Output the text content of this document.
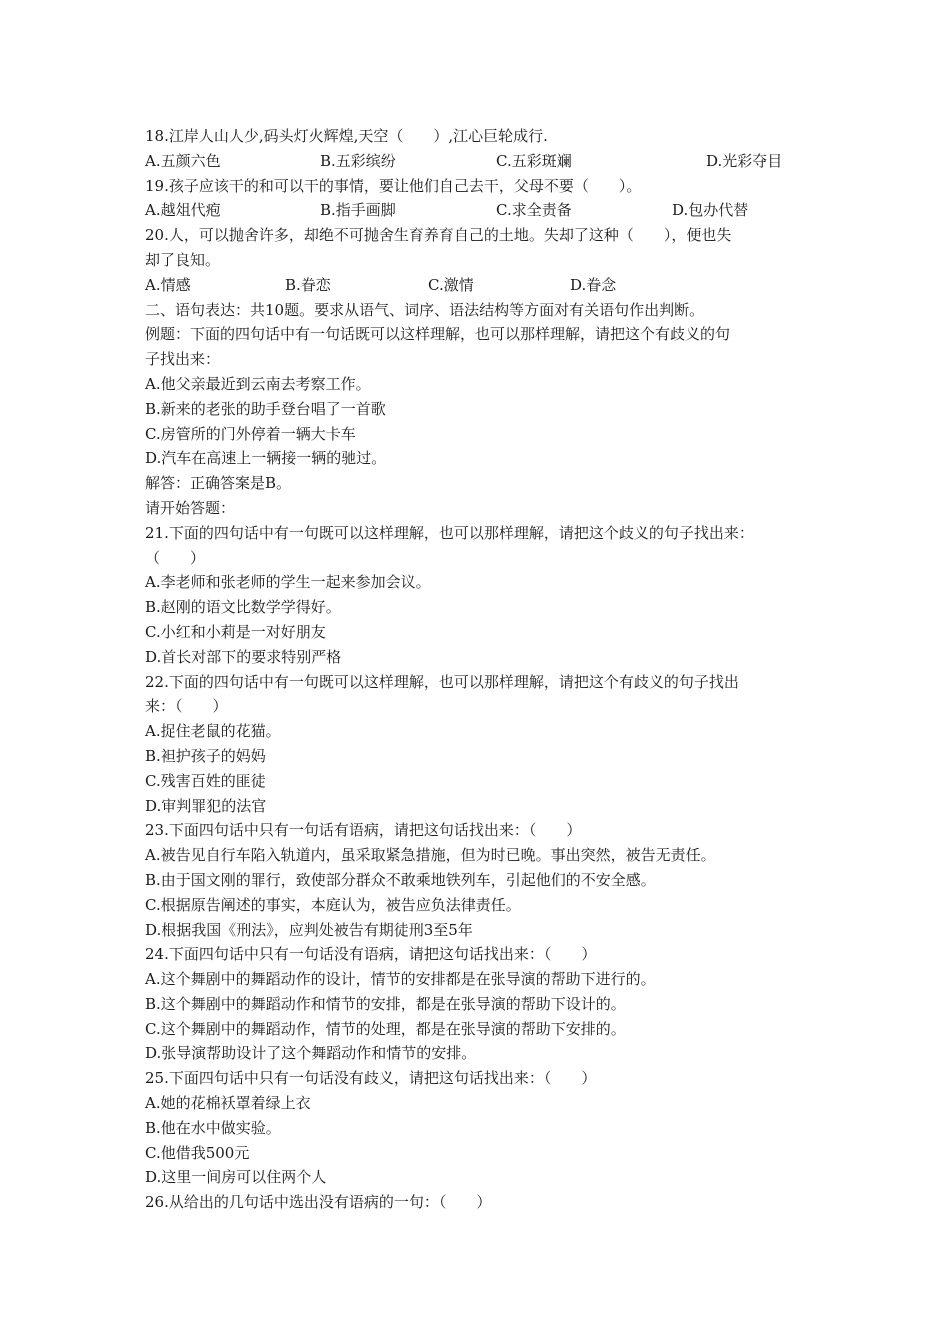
18.江岸人山人少,码头灯火辉煌,天空（　　）,江心巨轮成行.
A.五颜六色	B.五彩缤纷	C.五彩斑斓	D.光彩夺目
19.孩子应该干的和可以干的事情，要让他们自己去干，父母不要（　　）。
A.越俎代疱	B.指手画脚	C.求全责备	D.包办代替
20.人，可以抛舍许多，却绝不可抛舍生育养育自己的土地。失却了这种（　　），便也失
却了良知。
A.情感	B.眷恋	C.激情	D.眷念
二、语句表达：共10题。要求从语气、词序、语法结构等方面对有关语句作出判断。
例题：下面的四句话中有一句话既可以这样理解，也可以那样理解，请把这个有歧义的句
子找出来：
A.他父亲最近到云南去考察工作。
B.新来的老张的助手登台唱了一首歌
C.房管所的门外停着一辆大卡车
D.汽车在高速上一辆接一辆的驰过。
解答：正确答案是B。
请开始答题：
21.下面的四句话中有一句既可以这样理解，也可以那样理解，请把这个歧义的句子找出来：
（　　）
A.李老师和张老师的学生一起来参加会议。
B.赵刚的语文比数学学得好。
C.小红和小莉是一对好朋友
D.首长对部下的要求特别严格
22.下面的四句话中有一句既可以这样理解，也可以那样理解，请把这个有歧义的句子找出
来：（　　）
A.捉住老鼠的花猫。
B.袒护孩子的妈妈
C.残害百姓的匪徒
D.审判罪犯的法官
23.下面四句话中只有一句话有语病，请把这句话找出来：（　　）
A.被告见自行车陷入轨道内，虽采取紧急措施，但为时已晚。事出突然，被告无责任。
B.由于国文刚的罪行，致使部分群众不敢乘地铁列车，引起他们的不安全感。
C.根据原告阐述的事实，本庭认为，被告应负法律责任。
D.根据我国《刑法》，应判处被告有期徒刑3至5年
24.下面四句话中只有一句话没有语病，请把这句话找出来：（　　）
A.这个舞剧中的舞蹈动作的设计，情节的安排都是在张导演的帮助下进行的。
B.这个舞剧中的舞蹈动作和情节的安排，都是在张导演的帮助下设计的。
C.这个舞剧中的舞蹈动作，情节的处理，都是在张导演的帮助下安排的。
D.张导演帮助设计了这个舞蹈动作和情节的安排。
25.下面四句话中只有一句话没有歧义，请把这句话找出来：（　　）
A.她的花棉袄罩着绿上衣
B.他在水中做实验。
C.他借我500元
D.这里一间房可以住两个人
26.从给出的几句话中选出没有语病的一句：（　　）
